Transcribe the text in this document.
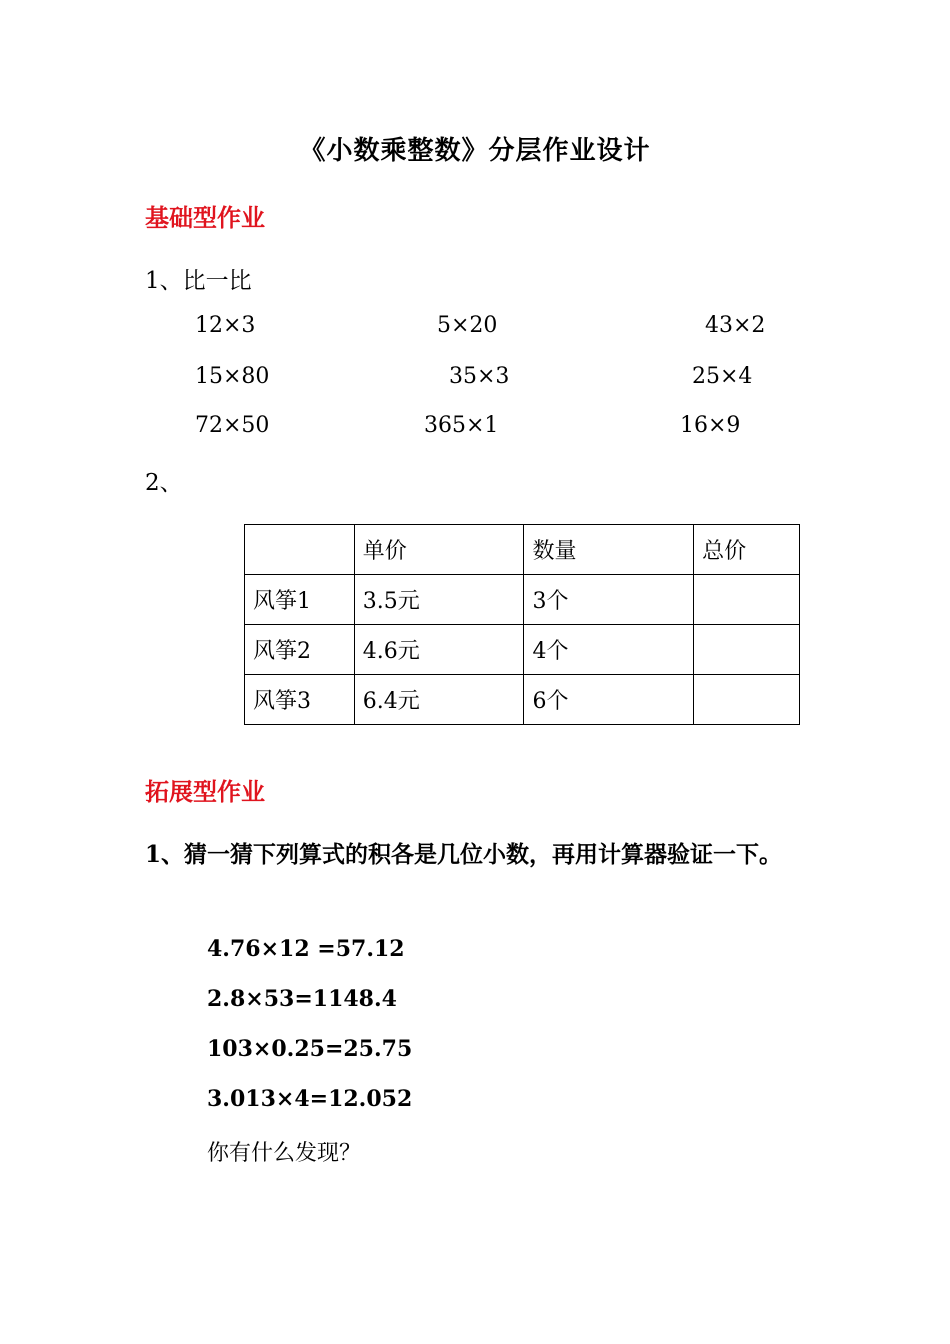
《小数乘整数》分层作业设计
基础型作业
1、比一比
12×3	5×20	43×2
15×80	35×3	25×4
72×50	365×1	16×9
2、
	单价	数量	总价
风筝1	3.5元	3个	
风筝2	4.6元	4个	
风筝3	6.4元	6个	
拓展型作业
1、猜一猜下列算式的积各是几位小数，再用计算器验证一下。
4.76×12 =57.12
2.8×53=1148.4
103×0.25=25.75
3.013×4=12.052
你有什么发现？
